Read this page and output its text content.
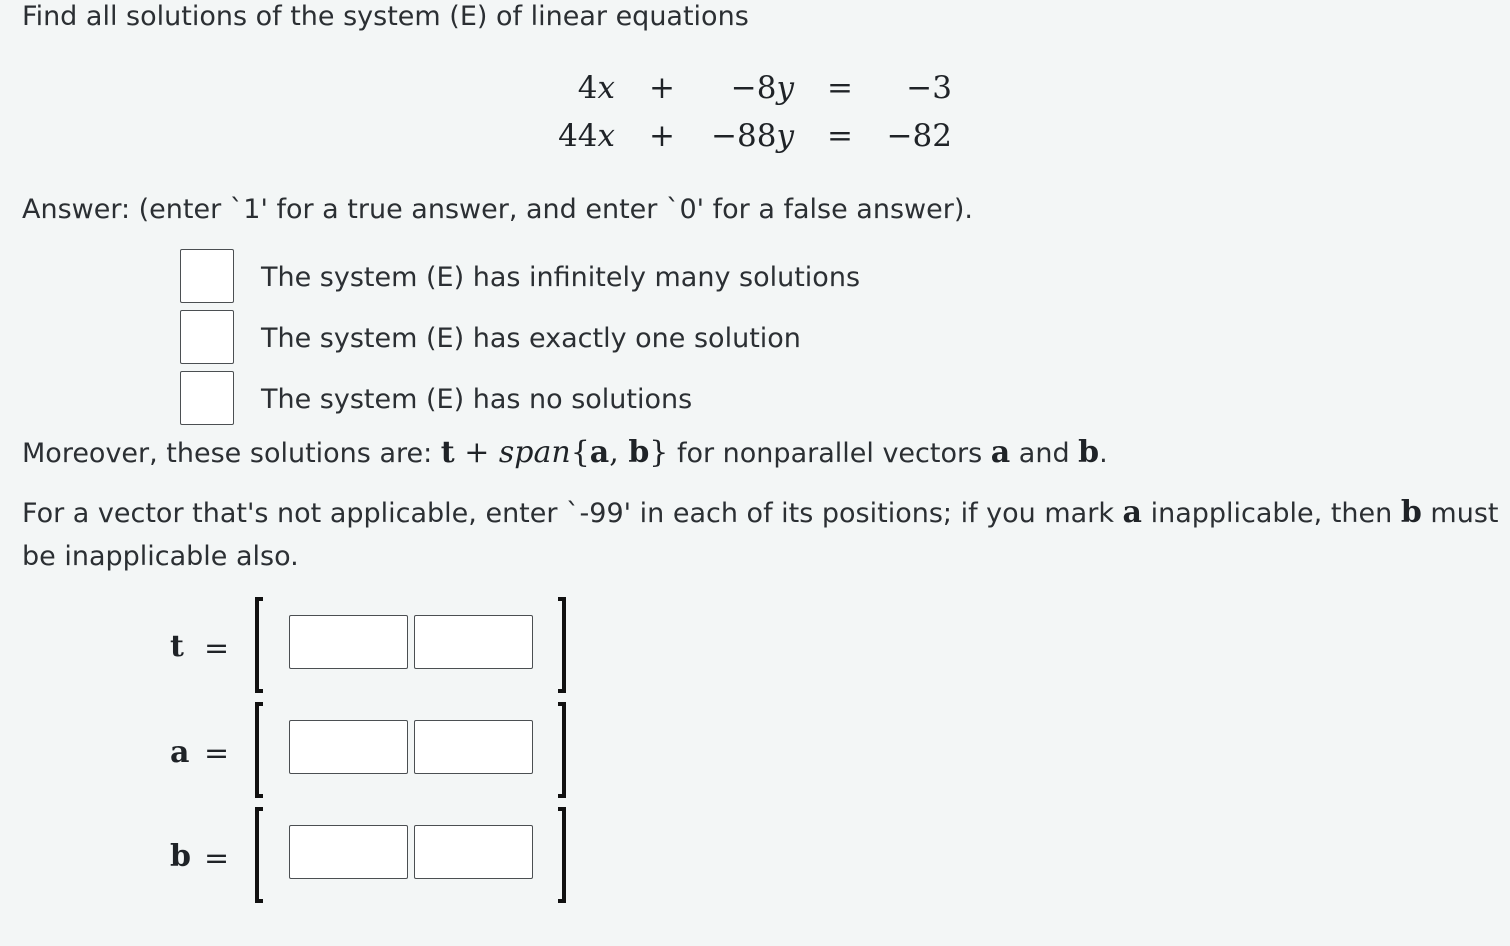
Find all solutions of the system (E) of linear equations
4𝑥 +	−8𝑦 =	−3
44𝑥 +	−88𝑦 =	−82
Answer: (enter `1' for a true answer, and enter `0' for a false answer).
The system (E) has infinitely many solutions
The system (E) has exactly one solution
The system (E) has no solutions
Moreover, these solutions are: t + span{a, b} for nonparallel vectors a and b.
For a vector that's not applicable, enter `-99' in each of its positions; if you mark a inapplicable, then b must
be inapplicable also.
t =
a =
b =
